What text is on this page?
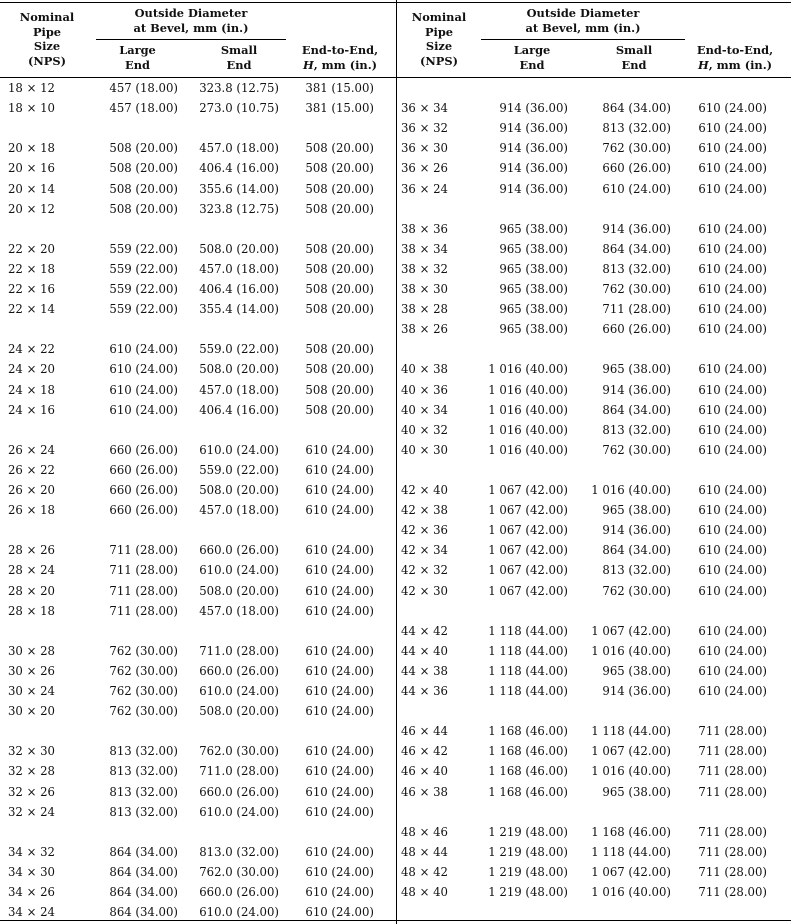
Nominal
Pipe
Size
(NPS)
Outside Diameter
at Bevel, mm (in.)
Large
End
Small
End
End-to-End,
H, mm (in.)
18 × 12	457 (18.00) 323.8 (12.75) 381 (15.00)
18 × 10	457 (18.00) 273.0 (10.75) 381 (15.00)
20 × 18	508 (20.00) 457.0 (18.00) 508 (20.00)
20 × 16	508 (20.00) 406.4 (16.00) 508 (20.00)
20 × 14	508 (20.00) 355.6 (14.00) 508 (20.00)
20 × 12	508 (20.00) 323.8 (12.75) 508 (20.00)
22 × 20	559 (22.00) 508.0 (20.00) 508 (20.00)
22 × 18	559 (22.00) 457.0 (18.00) 508 (20.00)
22 × 16	559 (22.00) 406.4 (16.00) 508 (20.00)
22 × 14	559 (22.00) 355.4 (14.00) 508 (20.00)
24 × 22	610 (24.00) 559.0 (22.00) 508 (20.00)
24 × 20	610 (24.00) 508.0 (20.00) 508 (20.00)
24 × 18	610 (24.00) 457.0 (18.00) 508 (20.00)
24 × 16	610 (24.00) 406.4 (16.00) 508 (20.00)
26 × 24	660 (26.00) 610.0 (24.00) 610 (24.00)
26 × 22	660 (26.00) 559.0 (22.00) 610 (24.00)
26 × 20	660 (26.00) 508.0 (20.00) 610 (24.00)
26 × 18	660 (26.00) 457.0 (18.00) 610 (24.00)
28 × 26	711 (28.00) 660.0 (26.00) 610 (24.00)
28 × 24	711 (28.00) 610.0 (24.00) 610 (24.00)
28 × 20	711 (28.00) 508.0 (20.00) 610 (24.00)
28 × 18	711 (28.00) 457.0 (18.00) 610 (24.00)
30 × 28	762 (30.00) 711.0 (28.00) 610 (24.00)
30 × 26	762 (30.00) 660.0 (26.00) 610 (24.00)
30 × 24	762 (30.00) 610.0 (24.00) 610 (24.00)
30 × 20	762 (30.00) 508.0 (20.00) 610 (24.00)
32 × 30	813 (32.00) 762.0 (30.00) 610 (24.00)
32 × 28	813 (32.00) 711.0 (28.00) 610 (24.00)
32 × 26	813 (32.00) 660.0 (26.00) 610 (24.00)
32 × 24	813 (32.00) 610.0 (24.00) 610 (24.00)
34 × 32	864 (34.00) 813.0 (32.00) 610 (24.00)
34 × 30	864 (34.00) 762.0 (30.00) 610 (24.00)
34 × 26	864 (34.00) 660.0 (26.00) 610 (24.00)
34 × 24	864 (34.00) 610.0 (24.00) 610 (24.00)
Nominal
Pipe
Size
(NPS)
Outside Diameter
at Bevel, mm (in.)
Large
End
Small
End
End-to-End,
H, mm (in.)
36 × 34	914 (36.00)	864 (34.00) 610 (24.00)
36 × 32	914 (36.00)	813 (32.00) 610 (24.00)
36 × 30	914 (36.00)	762 (30.00) 610 (24.00)
36 × 26	914 (36.00)	660 (26.00) 610 (24.00)
36 × 24	914 (36.00)	610 (24.00) 610 (24.00)
38 × 36	965 (38.00)	914 (36.00) 610 (24.00)
38 × 34	965 (38.00)	864 (34.00) 610 (24.00)
38 × 32	965 (38.00)	813 (32.00) 610 (24.00)
38 × 30	965 (38.00)	762 (30.00) 610 (24.00)
38 × 28	965 (38.00)	711 (28.00) 610 (24.00)
38 × 26	965 (38.00)	660 (26.00) 610 (24.00)
40 × 38	1 016 (40.00)	965 (38.00) 610 (24.00)
40 × 36	1 016 (40.00)	914 (36.00) 610 (24.00)
40 × 34	1 016 (40.00)	864 (34.00) 610 (24.00)
40 × 32	1 016 (40.00)	813 (32.00) 610 (24.00)
40 × 30	1 016 (40.00)	762 (30.00) 610 (24.00)
42 × 40	1 067 (42.00) 1 016 (40.00) 610 (24.00)
42 × 38	1 067 (42.00)	965 (38.00) 610 (24.00)
42 × 36	1 067 (42.00)	914 (36.00) 610 (24.00)
42 × 34	1 067 (42.00)	864 (34.00) 610 (24.00)
42 × 32	1 067 (42.00)	813 (32.00) 610 (24.00)
42 × 30	1 067 (42.00)	762 (30.00) 610 (24.00)
44 × 42	1 118 (44.00) 1 067 (42.00) 610 (24.00)
44 × 40	1 118 (44.00) 1 016 (40.00) 610 (24.00)
44 × 38	1 118 (44.00)	965 (38.00) 610 (24.00)
44 × 36	1 118 (44.00)	914 (36.00) 610 (24.00)
46 × 44	1 168 (46.00) 1 118 (44.00) 711 (28.00)
46 × 42	1 168 (46.00) 1 067 (42.00) 711 (28.00)
46 × 40	1 168 (46.00) 1 016 (40.00) 711 (28.00)
46 × 38	1 168 (46.00)	965 (38.00) 711 (28.00)
48 × 46	1 219 (48.00) 1 168 (46.00) 711 (28.00)
48 × 44	1 219 (48.00) 1 118 (44.00) 711 (28.00)
48 × 42	1 219 (48.00) 1 067 (42.00) 711 (28.00)
48 × 40	1 219 (48.00) 1 016 (40.00) 711 (28.00)
